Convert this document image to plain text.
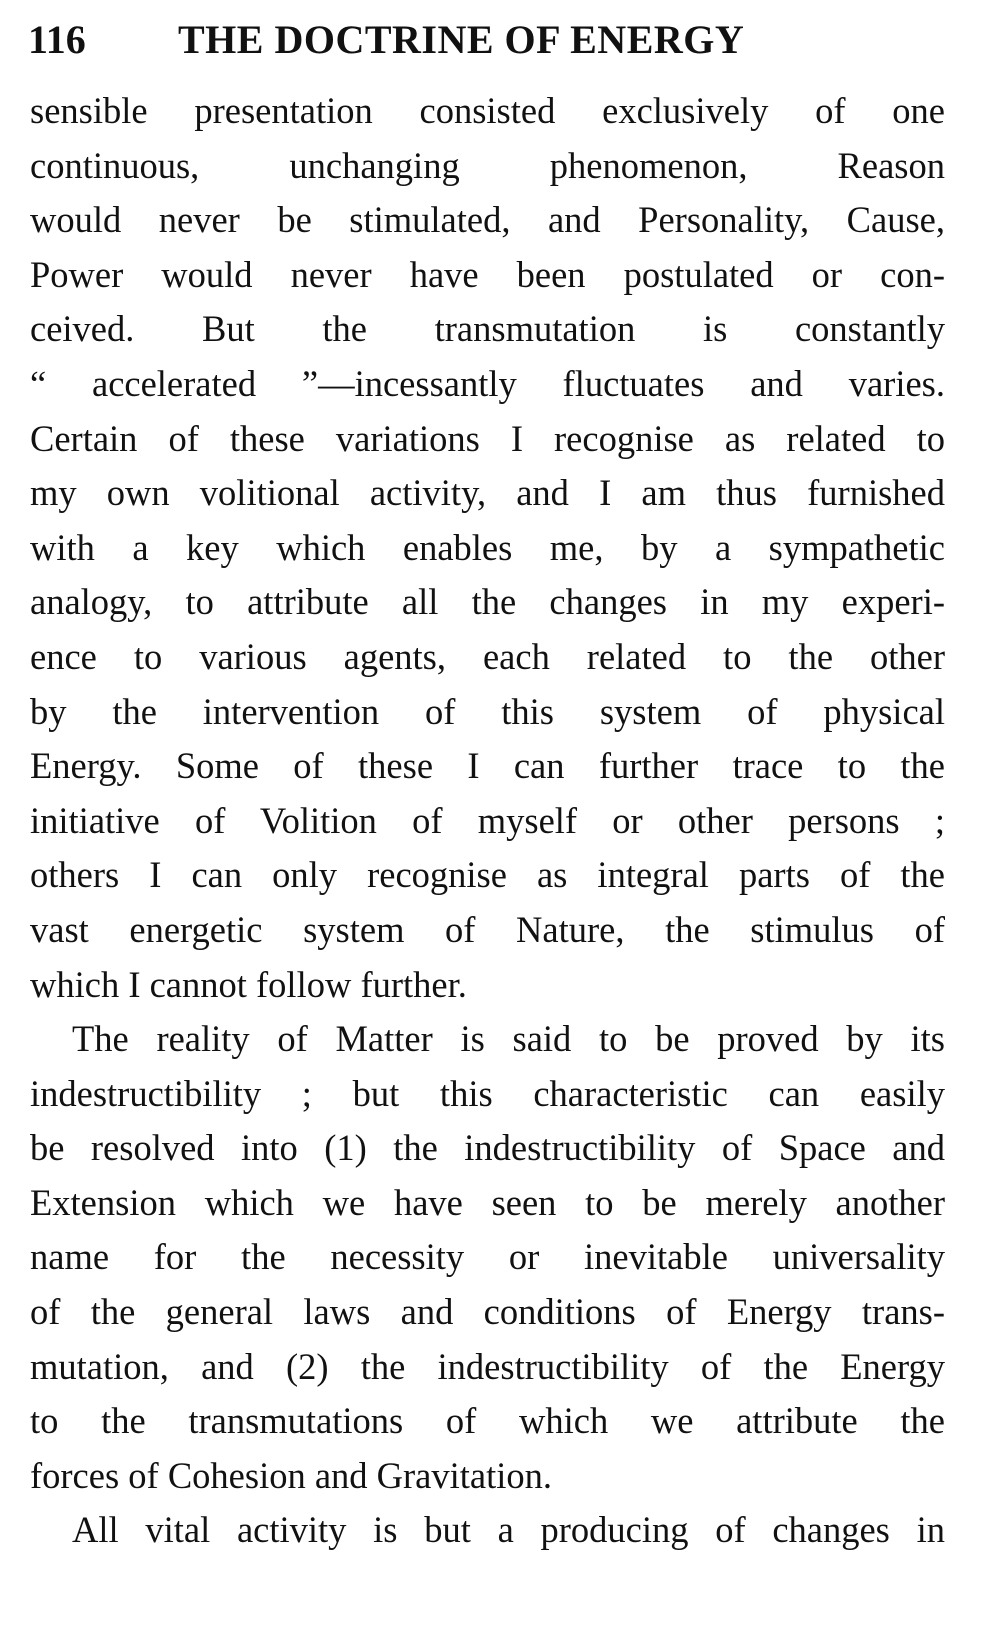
116 THE DOCTRINE OF ENERGY
sensible presentation consisted exclusively of one
continuous, unchanging phenomenon, Reason
would never be stimulated, and Personality, Cause,
Power would never have been postulated or con-
ceived. But the transmutation is constantly
“ accelerated ”—incessantly fluctuates and varies.
Certain of these variations I recognise as related to
my own volitional activity, and I am thus furnished
with a key which enables me, by a sympathetic
analogy, to attribute all the changes in my experi-
ence to various agents, each related to the other
by the intervention of this system of physical
Energy. Some of these I can further trace to the
initiative of Volition of myself or other persons ;
others I can only recognise as integral parts of the
vast energetic system of Nature, the stimulus of
which I cannot follow further.
The reality of Matter is said to be proved by its
indestructibility ; but this characteristic can easily
be resolved into (1) the indestructibility of Space and
Extension which we have seen to be merely another
name for the necessity or inevitable universality
of the general laws and conditions of Energy trans-
mutation, and (2) the indestructibility of the Energy
to the transmutations of which we attribute the
forces of Cohesion and Gravitation.
All vital activity is but a producing of changes in
